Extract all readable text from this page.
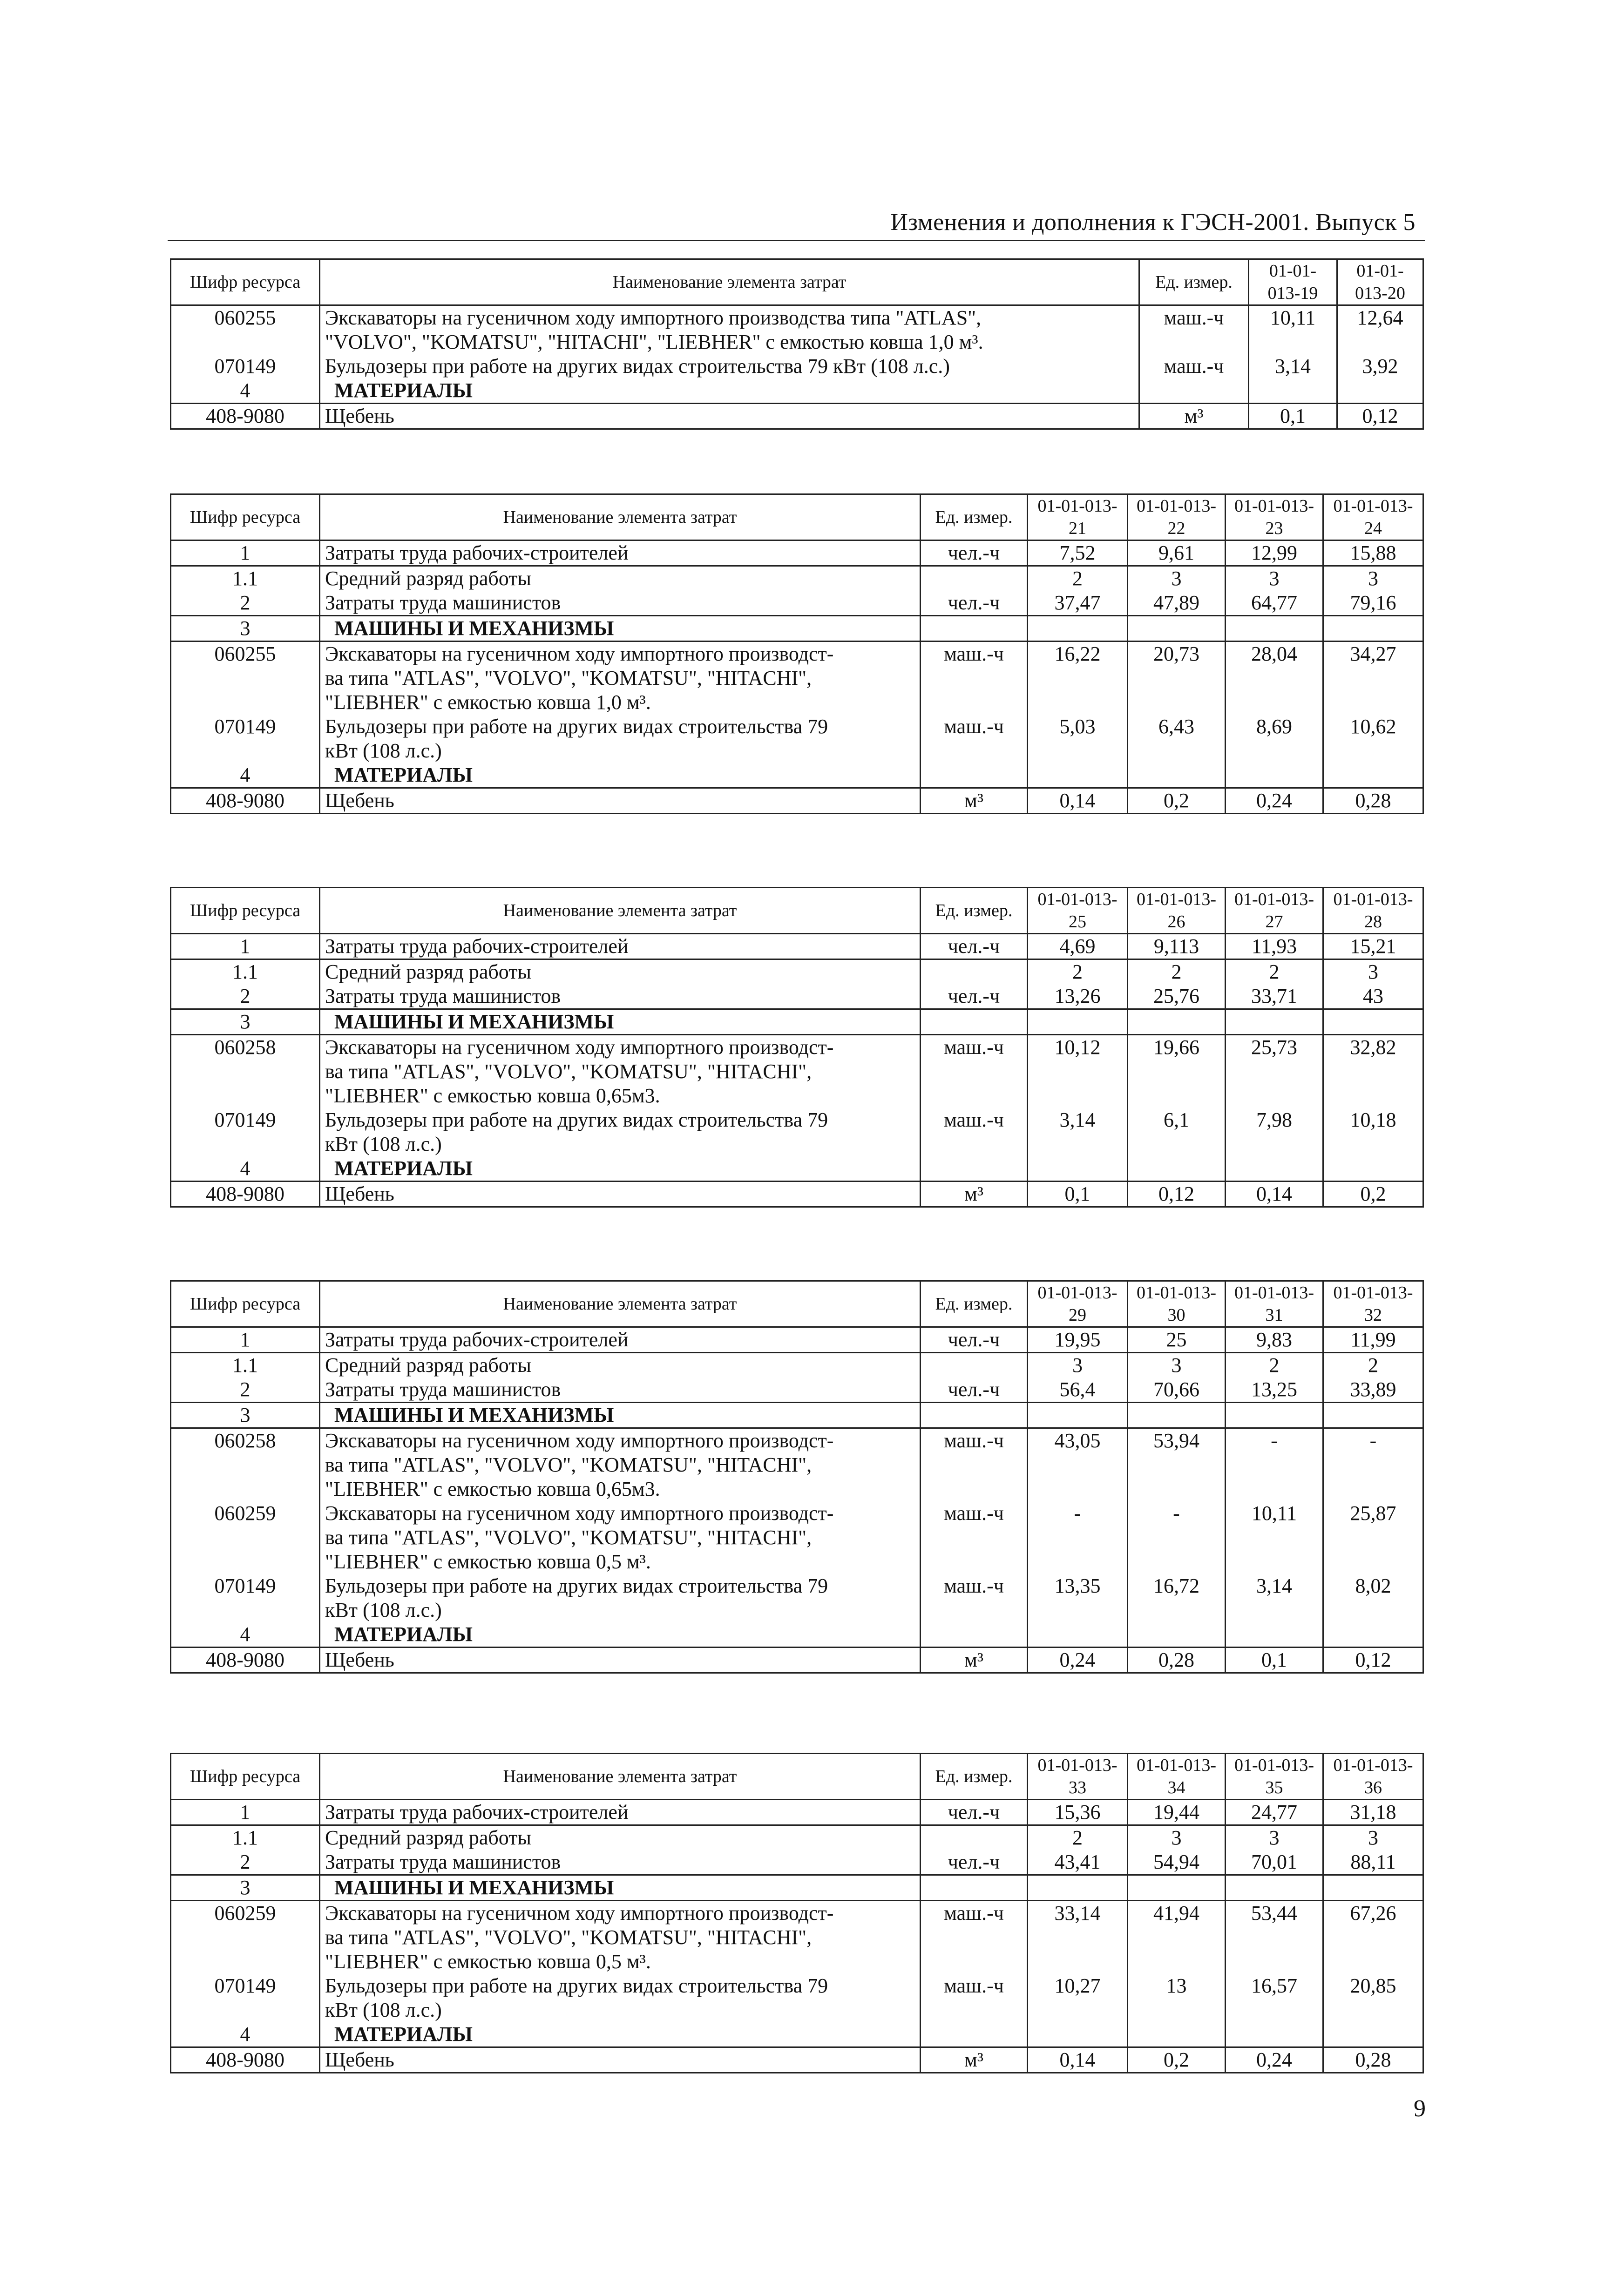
Изменения и дополнения к ГЭСН-2001. Выпуск 5
Шифр ресурса	Наименование элемента затрат	Ед. измер.	01-01-013-19	01-01-013-20
060255	Экскаваторы на гусеничном ходу импортного производства типа "ATLAS",	маш.-ч	10,11	12,64
	"VOLVO", "KOMATSU", "HITACHI", "LIEBHER" с емкостью ковша 1,0 м³.			
070149	Бульдозеры при работе на других видах строительства 79 кВт (108 л.с.)	маш.-ч	3,14	3,92
4	МАТЕРИАЛЫ			
408-9080	Щебень	м³	0,1	0,12
Шифр ресурса	Наименование элемента затрат	Ед. измер.	01-01-013-21	01-01-013-22	01-01-013-23	01-01-013-24
1	Затраты труда рабочих-строителей	чел.-ч	7,52	9,61	12,99	15,88
1.1	Средний разряд работы		2	3	3	3
2	Затраты труда машинистов	чел.-ч	37,47	47,89	64,77	79,16
3	МАШИНЫ И МЕХАНИЗМЫ					
060255	Экскаваторы на гусеничном ходу импортного производст-	маш.-ч	16,22	20,73	28,04	34,27
	ва типа "ATLAS", "VOLVO", "KOMATSU", "HITACHI",					
	"LIEBHER" с емкостью ковша 1,0 м³.					
070149	Бульдозеры при работе на других видах строительства 79	маш.-ч	5,03	6,43	8,69	10,62
	кВт (108 л.с.)					
4	МАТЕРИАЛЫ					
408-9080	Щебень	м³	0,14	0,2	0,24	0,28
Шифр ресурса	Наименование элемента затрат	Ед. измер.	01-01-013-25	01-01-013-26	01-01-013-27	01-01-013-28
1	Затраты труда рабочих-строителей	чел.-ч	4,69	9,113	11,93	15,21
1.1	Средний разряд работы		2	2	2	3
2	Затраты труда машинистов	чел.-ч	13,26	25,76	33,71	43
3	МАШИНЫ И МЕХАНИЗМЫ					
060258	Экскаваторы на гусеничном ходу импортного производст-	маш.-ч	10,12	19,66	25,73	32,82
	ва типа "ATLAS", "VOLVO", "KOMATSU", "HITACHI",					
	"LIEBHER" с емкостью ковша 0,65м3.					
070149	Бульдозеры при работе на других видах строительства 79	маш.-ч	3,14	6,1	7,98	10,18
	кВт (108 л.с.)					
4	МАТЕРИАЛЫ					
408-9080	Щебень	м³	0,1	0,12	0,14	0,2
Шифр ресурса	Наименование элемента затрат	Ед. измер.	01-01-013-29	01-01-013-30	01-01-013-31	01-01-013-32
1	Затраты труда рабочих-строителей	чел.-ч	19,95	25	9,83	11,99
1.1	Средний разряд работы		3	3	2	2
2	Затраты труда машинистов	чел.-ч	56,4	70,66	13,25	33,89
3	МАШИНЫ И МЕХАНИЗМЫ					
060258	Экскаваторы на гусеничном ходу импортного производст-	маш.-ч	43,05	53,94	-	-
	ва типа "ATLAS", "VOLVO", "KOMATSU", "HITACHI",					
	"LIEBHER" с емкостью ковша 0,65м3.					
060259	Экскаваторы на гусеничном ходу импортного производст-	маш.-ч	-	-	10,11	25,87
	ва типа "ATLAS", "VOLVO", "KOMATSU", "HITACHI",					
	"LIEBHER" с емкостью ковша 0,5 м³.					
070149	Бульдозеры при работе на других видах строительства 79	маш.-ч	13,35	16,72	3,14	8,02
	кВт (108 л.с.)					
4	МАТЕРИАЛЫ					
408-9080	Щебень	м³	0,24	0,28	0,1	0,12
Шифр ресурса	Наименование элемента затрат	Ед. измер.	01-01-013-33	01-01-013-34	01-01-013-35	01-01-013-36
1	Затраты труда рабочих-строителей	чел.-ч	15,36	19,44	24,77	31,18
1.1	Средний разряд работы		2	3	3	3
2	Затраты труда машинистов	чел.-ч	43,41	54,94	70,01	88,11
3	МАШИНЫ И МЕХАНИЗМЫ					
060259	Экскаваторы на гусеничном ходу импортного производст-	маш.-ч	33,14	41,94	53,44	67,26
	ва типа "ATLAS", "VOLVO", "KOMATSU", "HITACHI",					
	"LIEBHER" с емкостью ковша 0,5 м³.					
070149	Бульдозеры при работе на других видах строительства 79	маш.-ч	10,27	13	16,57	20,85
	кВт (108 л.с.)					
4	МАТЕРИАЛЫ					
408-9080	Щебень	м³	0,14	0,2	0,24	0,28
9
